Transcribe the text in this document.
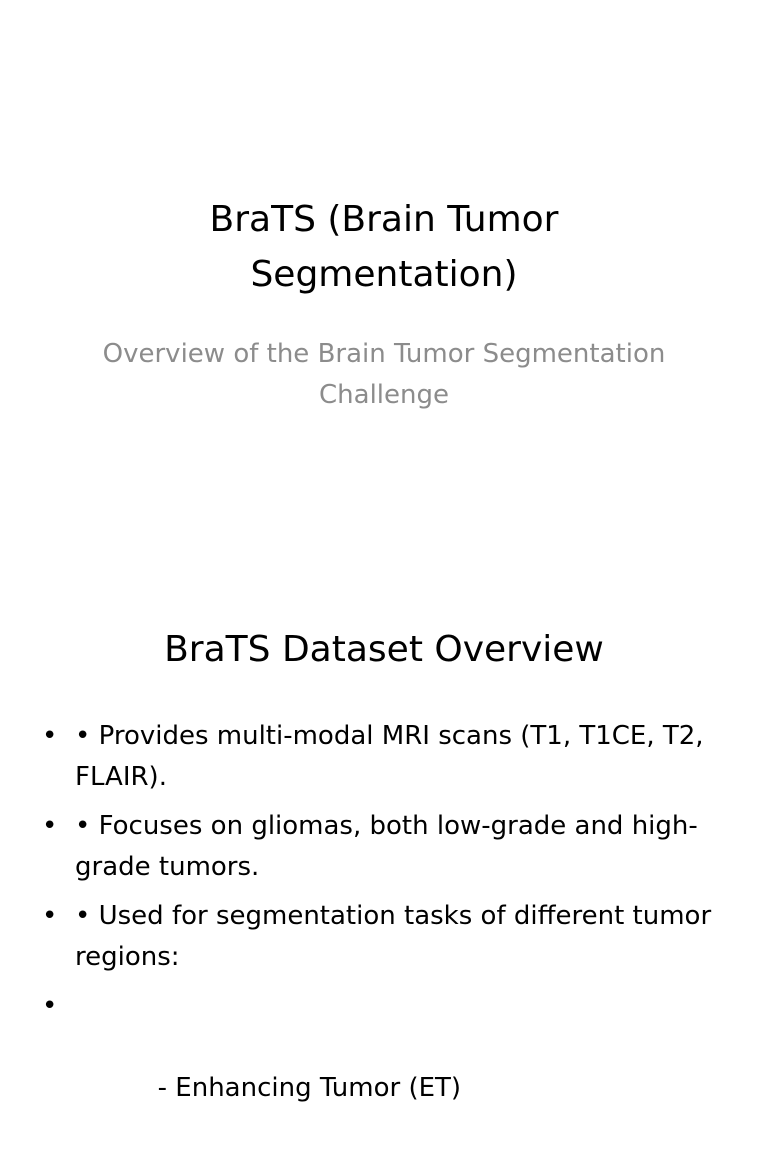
BraTS (Brain Tumor Segmentation)

Overview of the Brain Tumor Segmentation Challenge

BraTS Dataset Overview
• • Provides multi-modal MRI scans (T1, T1CE, T2, FLAIR).
• • Focuses on gliomas, both low-grade and high-grade tumors.
• • Used for segmentation tasks of different tumor regions:

•

- Enhancing Tumor (ET)
